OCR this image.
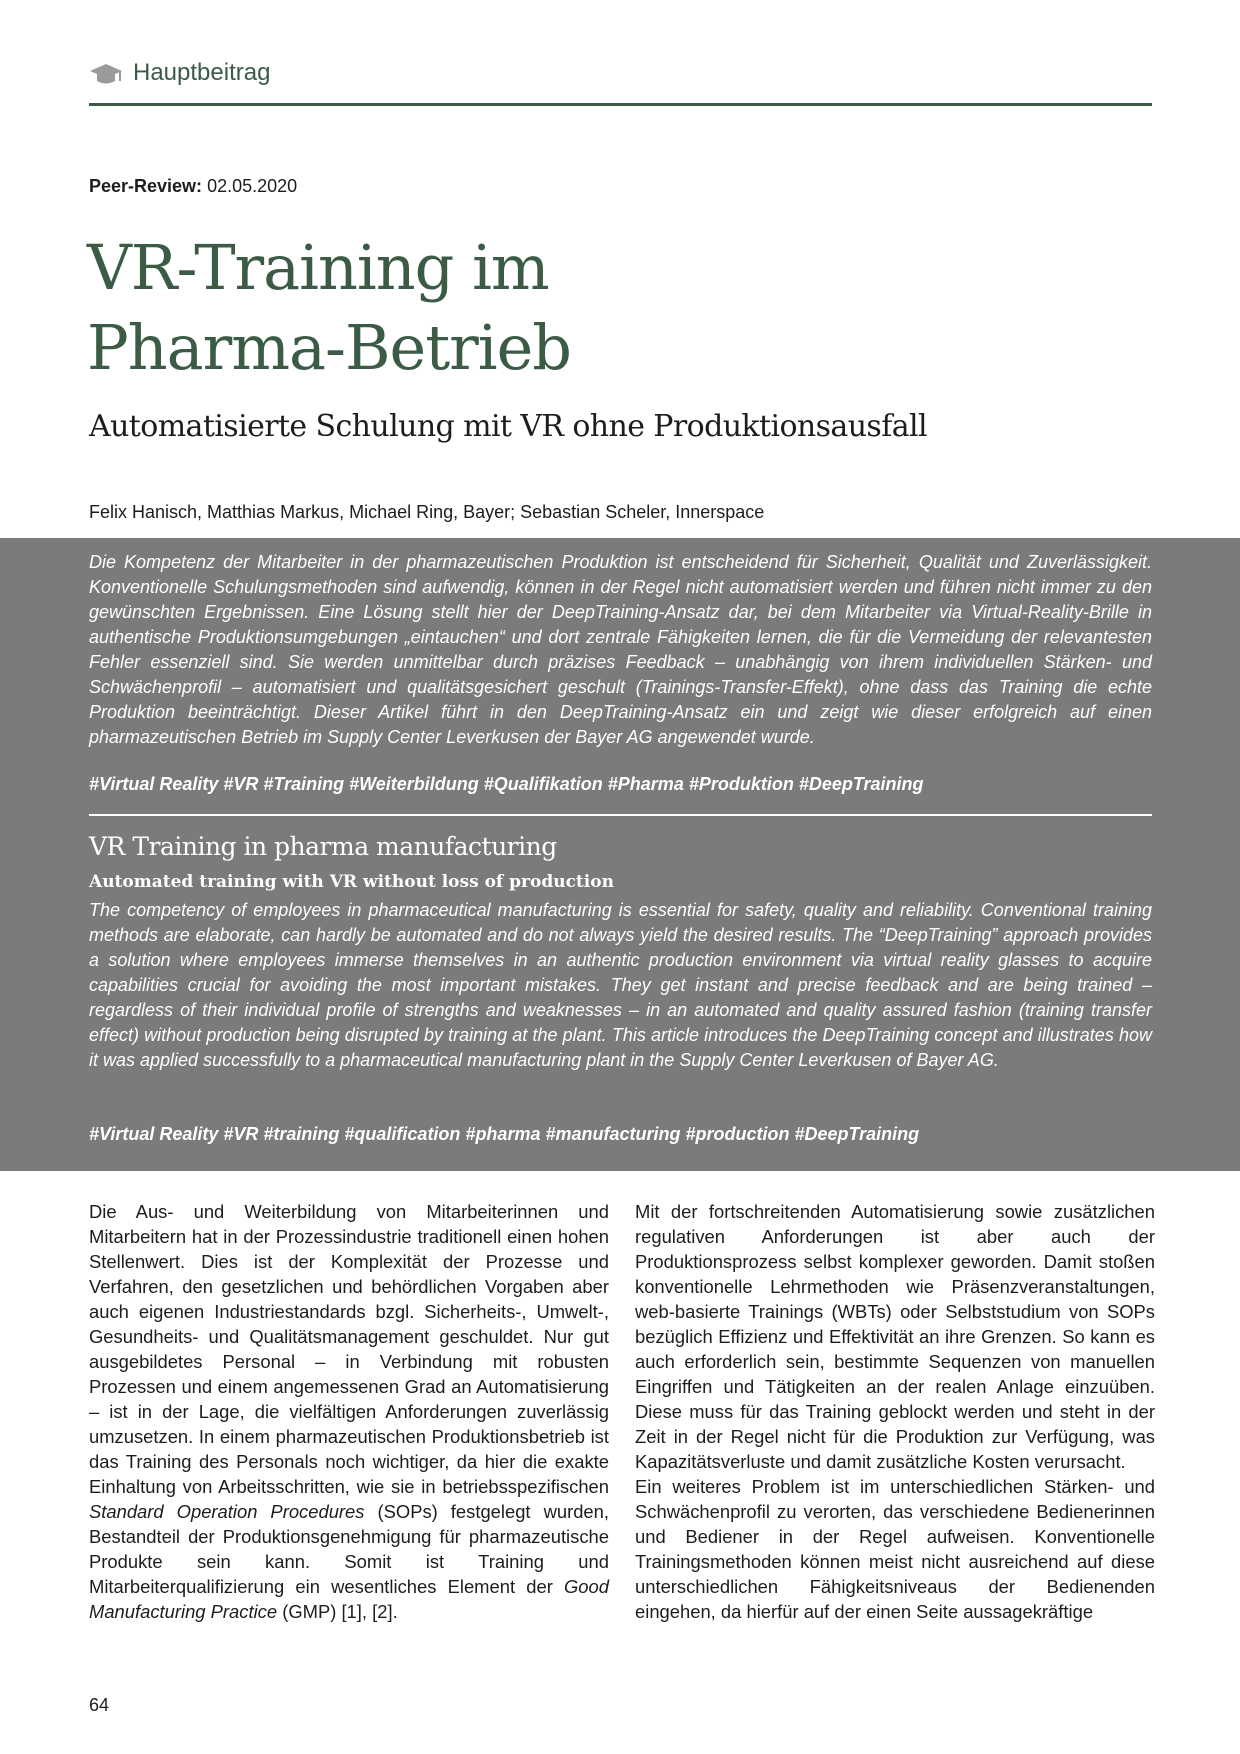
Hauptbeitrag
Peer-Review: 02.05.2020
VR-Training im
Pharma-Betrieb
Automatisierte Schulung mit VR ohne Produktionsausfall
Felix Hanisch, Matthias Markus, Michael Ring, Bayer; Sebastian Scheler, Innerspace

Die Kompetenz der Mitarbeiter in der pharmazeutischen Produktion ist entscheidend für Sicherheit, Qualität und Zuverlässigkeit. Konventionelle Schulungsmethoden sind aufwendig, können in der Regel nicht automatisiert werden und führen nicht immer zu den gewünschten Ergebnissen. Eine Lösung stellt hier der DeepTraining-Ansatz dar, bei dem Mitarbeiter via Virtual-Reality-Brille in authentische Produktionsumgebungen „eintauchen“ und dort zentrale Fähigkeiten lernen, die für die Vermeidung der relevantesten Fehler essenziell sind. Sie werden unmittelbar durch präzises Feedback – unabhängig von ihrem individuellen Stärken- und Schwächenprofil – automatisiert und qualitätsgesichert geschult (Trainings-Transfer-Effekt), ohne dass das Training die echte Produktion beeinträchtigt. Dieser Artikel führt in den DeepTraining-Ansatz ein und zeigt wie dieser erfolgreich auf einen pharmazeutischen Betrieb im Supply Center Leverkusen der Bayer AG angewendet wurde.

#Virtual Reality #VR #Training #Weiterbildung #Qualifikation #Pharma #Produktion #DeepTraining
VR Training in pharma manufacturing
Automated training with VR without loss of production

The competency of employees in pharmaceutical manufacturing is essential for safety, quality and reliability. Conventional training methods are elaborate, can hardly be automated and do not always yield the desired results. The “DeepTraining” approach provides a solution where employees immerse themselves in an authentic production environment via virtual reality glasses to acquire capabilities crucial for avoiding the most important mistakes. They get instant and precise feedback and are being trained – regardless of their individual profile of strengths and weaknesses – in an automated and quality assured fashion (training transfer effect) without production being disrupted by training at the plant. This article introduces the DeepTraining concept and illustrates how it was applied successfully to a pharmaceutical manufacturing plant in the Supply Center Leverkusen of Bayer AG.

#Virtual Reality #VR #training #qualification #pharma #manufacturing #production #DeepTraining

Die Aus- und Weiterbildung von Mitarbeiterinnen und Mitarbeitern hat in der Prozessindustrie traditionell einen hohen Stellenwert. Dies ist der Komplexität der Prozesse und Verfahren, den gesetzlichen und behördlichen Vorgaben aber auch eigenen Industriestandards bzgl. Sicherheits-, Umwelt-, Gesundheits- und Qualitätsmanagement geschuldet. Nur gut ausgebildetes Personal – in Verbindung mit robusten Prozessen und einem angemessenen Grad an Automatisierung – ist in der Lage, die vielfältigen Anforderungen zuverlässig umzusetzen. In einem pharmazeutischen Produktionsbetrieb ist das Training des Personals noch wichtiger, da hier die exakte Einhaltung von Arbeitsschritten, wie sie in betriebsspezifischen Standard Operation Procedures (SOPs) festgelegt wurden, Bestandteil der Produktionsgenehmigung für pharmazeutische Produkte sein kann. Somit ist Training und Mitarbeiterqualifizierung ein wesentliches Element der Good Manufacturing Practice (GMP) [1], [2].

Mit der fortschreitenden Automatisierung sowie zusätzlichen regulativen Anforderungen ist aber auch der Produktionsprozess selbst komplexer geworden. Damit stoßen konventionelle Lehrmethoden wie Präsenzveranstaltungen, web-basierte Trainings (WBTs) oder Selbststudium von SOPs bezüglich Effizienz und Effektivität an ihre Grenzen. So kann es auch erforderlich sein, bestimmte Sequenzen von manuellen Eingriffen und Tätigkeiten an der realen Anlage einzuüben. Diese muss für das Training geblockt werden und steht in der Zeit in der Regel nicht für die Produktion zur Verfügung, was Kapazitätsverluste und damit zusätzliche Kosten verursacht.

Ein weiteres Problem ist im unterschiedlichen Stärken- und Schwächenprofil zu verorten, das verschiedene Bedienerinnen und Bediener in der Regel aufweisen. Konventionelle Trainingsmethoden können meist nicht ausreichend auf diese unterschiedlichen Fähigkeitsniveaus der Bedienenden eingehen, da hierfür auf der einen Seite aussagekräftige

64
